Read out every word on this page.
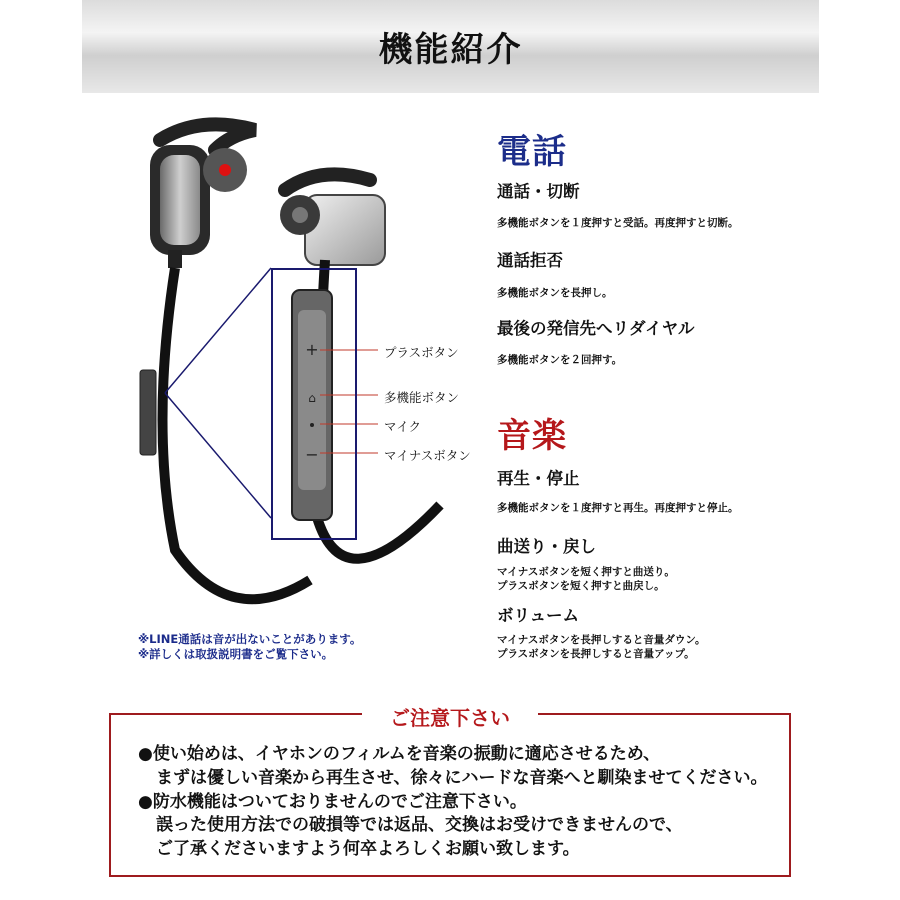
機能紹介
+
⌂
−
プラスボタン
多機能ボタン
マイク
マイナスボタン
※LINE通話は音が出ないことがあります。
※詳しくは取扱説明書をご覧下さい。
電話
通話・切断
多機能ボタンを１度押すと受話。再度押すと切断。
通話拒否
多機能ボタンを長押し。
最後の発信先へリダイヤル
多機能ボタンを２回押す。
音楽
再生・停止
多機能ボタンを１度押すと再生。再度押すと停止。
曲送り・戻し
マイナスボタンを短く押すと曲送り。
プラスボタンを短く押すと曲戻し。
ボリューム
マイナスボタンを長押しすると音量ダウン。
プラスボタンを長押しすると音量アップ。
ご注意下さい
●使い始めは、イヤホンのフィルムを音楽の振動に適応させるため、
まずは優しい音楽から再生させ、徐々にハードな音楽へと馴染ませてください。
●防水機能はついておりませんのでご注意下さい。
誤った使用方法での破損等では返品、交換はお受けできませんので、
ご了承くださいますよう何卒よろしくお願い致します。
